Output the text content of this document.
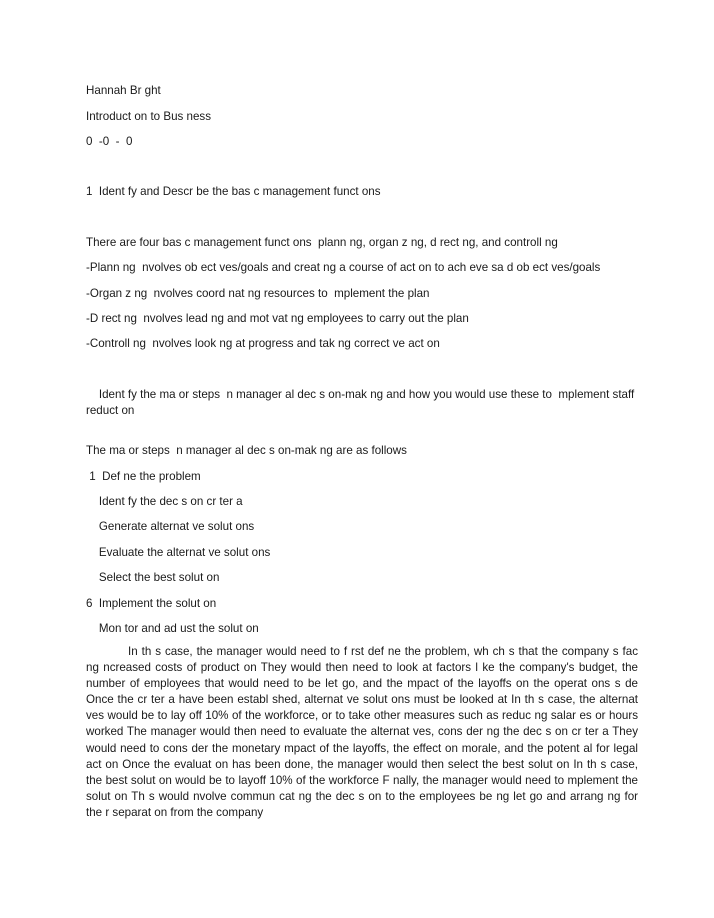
Hannah Br ght
Introduct on to Bus ness
0  -0  -  0
1  Ident fy and Descr be the bas c management funct ons
There are four bas c management funct ons  plann ng, organ z ng, d rect ng, and controll ng
-Plann ng  nvolves ob ect ves/goals and creat ng a course of act on to ach eve sa d ob ect ves/goals
-Organ z ng  nvolves coord nat ng resources to  mplement the plan
-D rect ng  nvolves lead ng and mot vat ng employees to carry out the plan
-Controll ng  nvolves look ng at progress and tak ng correct ve act on
Ident fy the ma or steps  n manager al dec s on-mak ng and how you would use these to  mplement staff reduct on
The ma or steps  n manager al dec s on-mak ng are as follows
1  Def ne the problem
Ident fy the dec s on cr ter a
Generate alternat ve solut ons
Evaluate the alternat ve solut ons
Select the best solut on
6  Implement the solut on
Mon tor and ad ust the solut on
In th s case, the manager would need to f rst def ne the problem, wh ch s that the company s fac ng ncreased costs of product on They would then need to look at factors l ke the company's budget, the number of employees that would need to be let go, and the mpact of the layoffs on the operat ons s de Once the cr ter a have been establ shed, alternat ve solut ons must be looked at In th s case, the alternat ves would be to lay off 10% of the workforce, or to take other measures such as reduc ng salar es or hours worked The manager would then need to evaluate the alternat ves, cons der ng the dec s on cr ter a They would need to cons der the monetary mpact of the layoffs, the effect on morale, and the potent al for legal act on Once the evaluat on has been done, the manager would then select the best solut on In th s case, the best solut on would be to layoff 10% of the workforce F nally, the manager would need to mplement the solut on Th s would nvolve commun cat ng the dec s on to the employees be ng let go and arrang ng for the r separat on from the company
